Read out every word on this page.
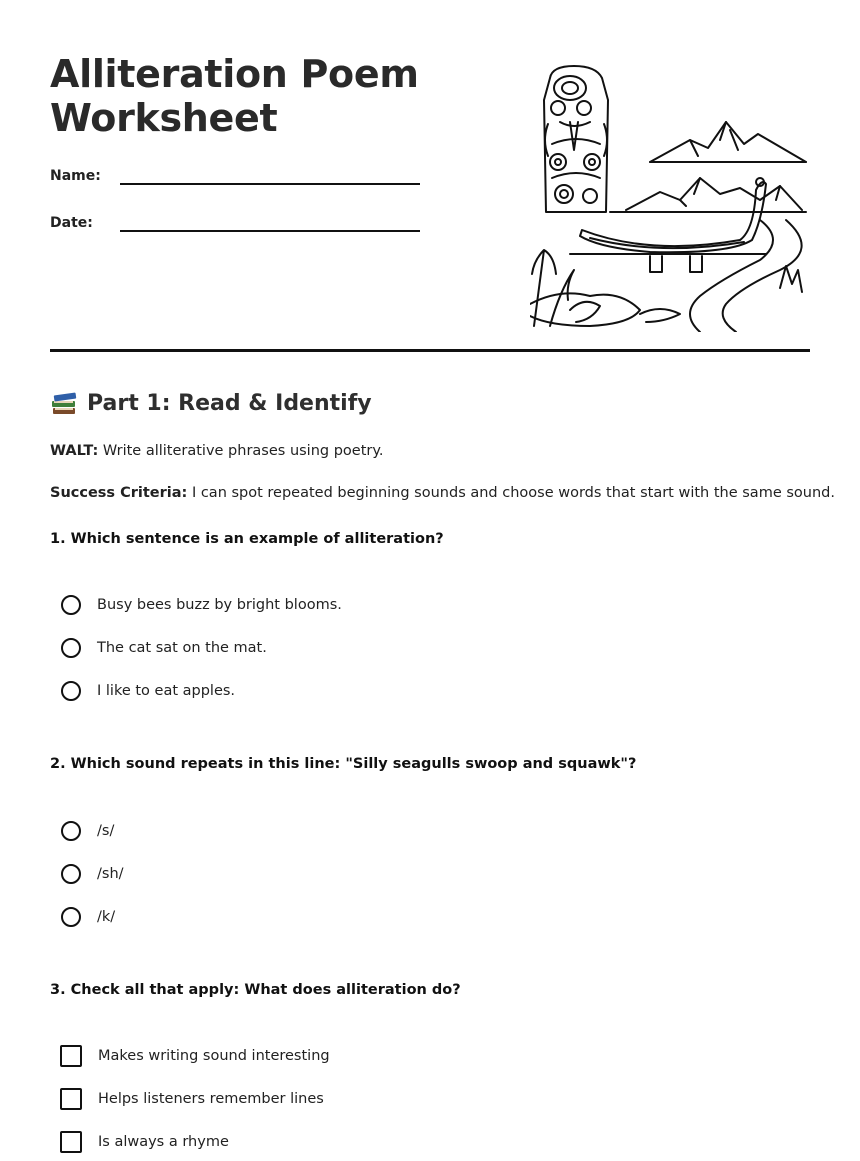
Alliteration Poem
Worksheet
Name:
Date:
Part 1: Read & Identify
WALT: Write alliterative phrases using poetry.
Success Criteria: I can spot repeated beginning sounds and choose words that start with the same sound.
1. Which sentence is an example of alliteration?
Busy bees buzz by bright blooms.
The cat sat on the mat.
I like to eat apples.
2. Which sound repeats in this line: "Silly seagulls swoop and squawk"?
/s/
/sh/
/k/
3. Check all that apply: What does alliteration do?
Makes writing sound interesting
Helps listeners remember lines
Is always a rhyme
